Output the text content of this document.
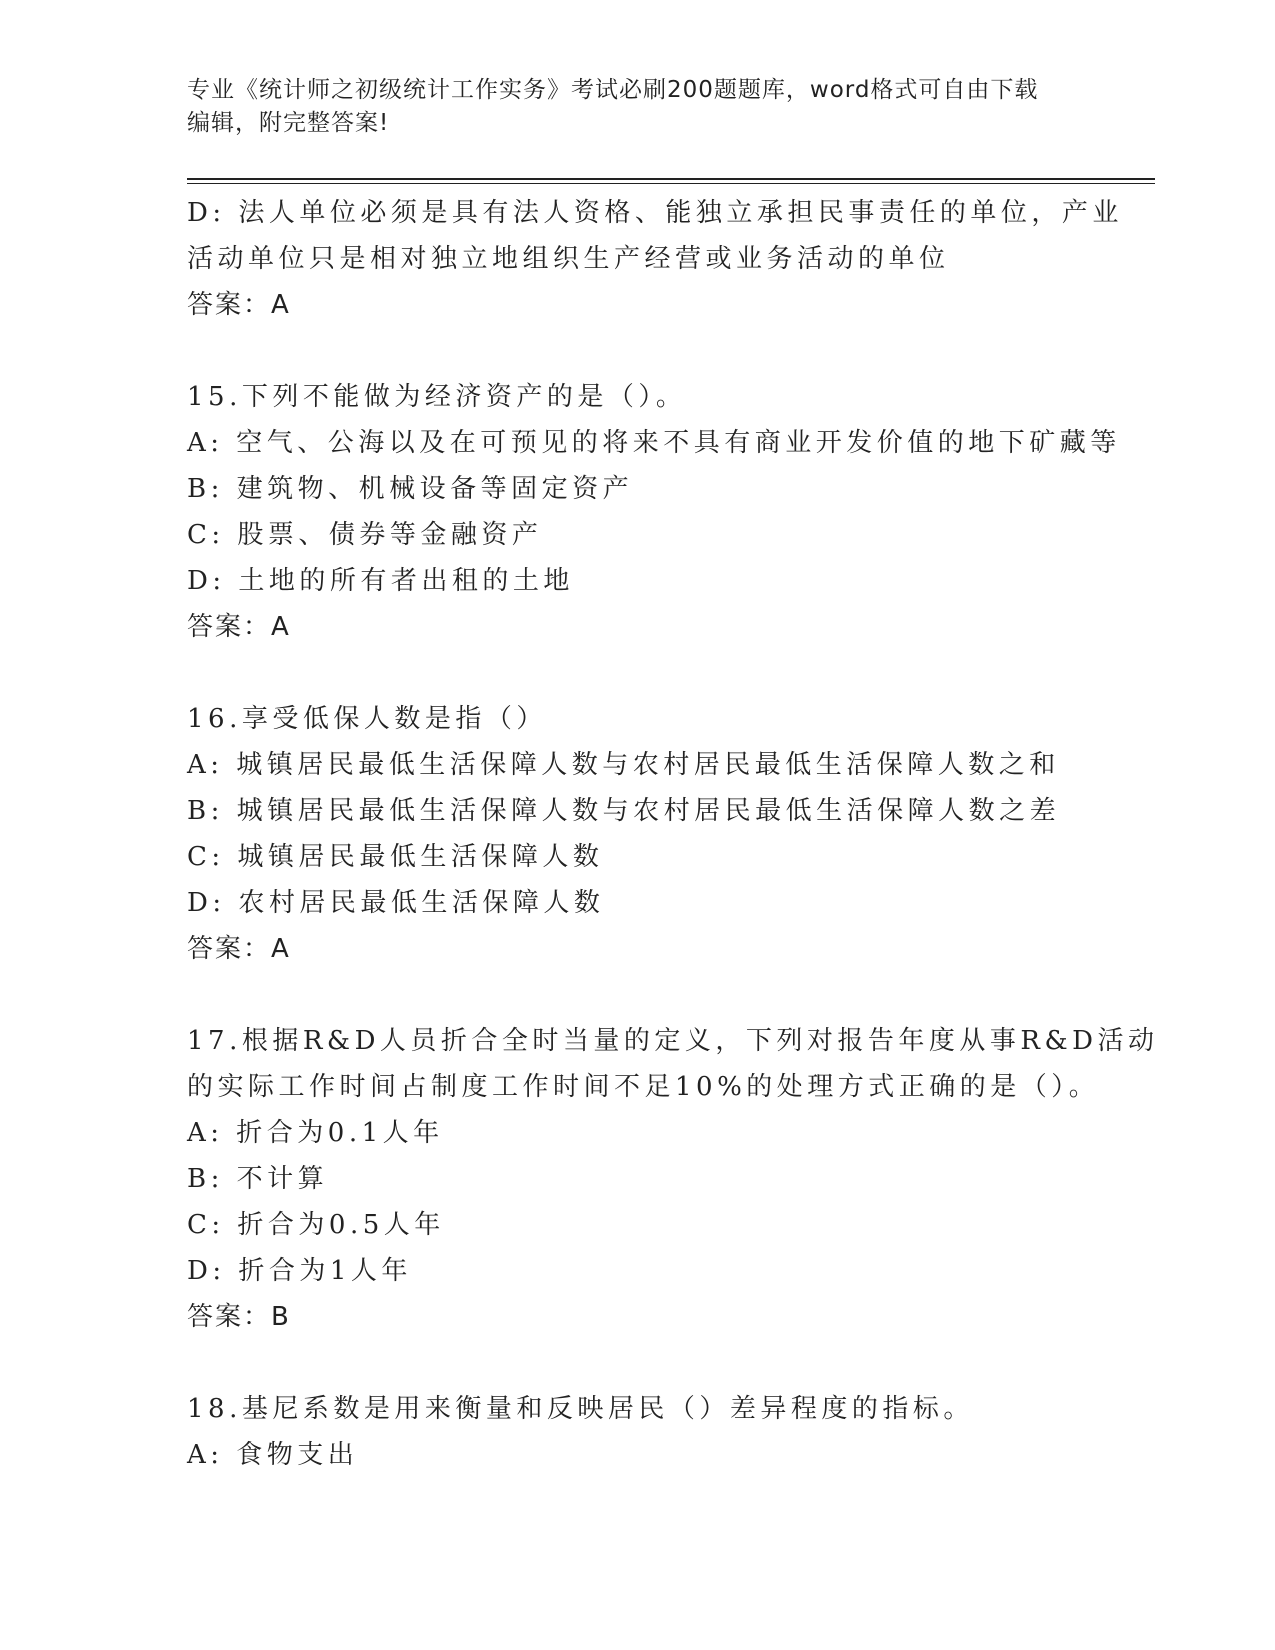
专业《统计师之初级统计工作实务》考试必刷200题题库，word格式可自由下载
编辑，附完整答案!
D: 法人单位必须是具有法人资格、能独立承担民事责任的单位，产业
活动单位只是相对独立地组织生产经营或业务活动的单位
答案：A
15.下列不能做为经济资产的是（）。
A: 空气、公海以及在可预见的将来不具有商业开发价值的地下矿藏等
B: 建筑物、机械设备等固定资产
C: 股票、债券等金融资产
D: 土地的所有者出租的土地
答案：A
16.享受低保人数是指（）
A: 城镇居民最低生活保障人数与农村居民最低生活保障人数之和
B: 城镇居民最低生活保障人数与农村居民最低生活保障人数之差
C: 城镇居民最低生活保障人数
D: 农村居民最低生活保障人数
答案：A
17.根据R&D人员折合全时当量的定义，下列对报告年度从事R&D活动
的实际工作时间占制度工作时间不足10%的处理方式正确的是（）。
A: 折合为0.1人年
B: 不计算
C: 折合为0.5人年
D: 折合为1人年
答案：B
18.基尼系数是用来衡量和反映居民（）差异程度的指标。
A: 食物支出
